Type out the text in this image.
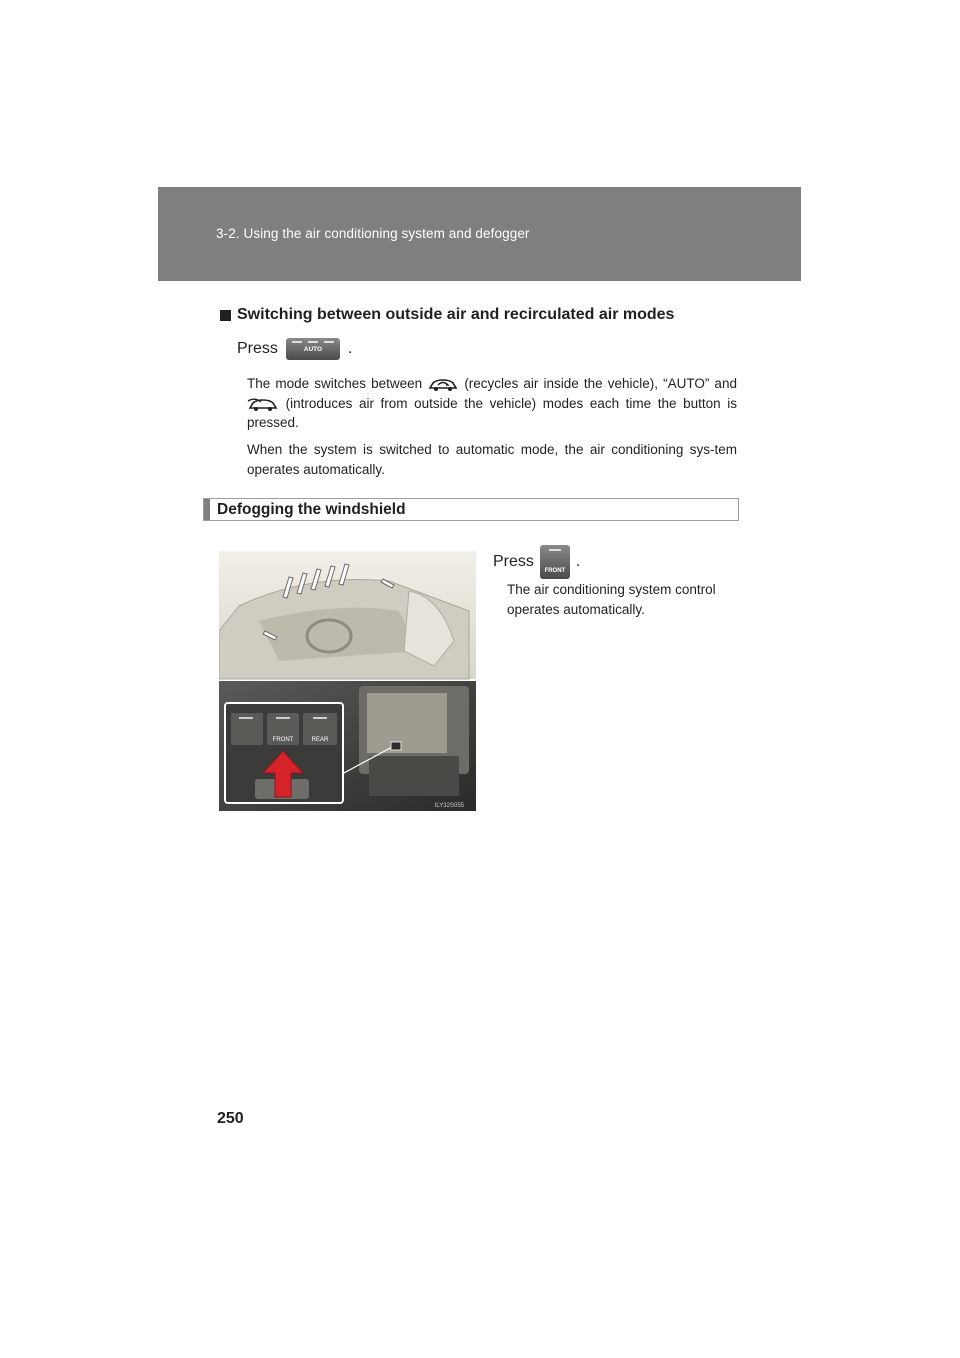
3-2. Using the air conditioning system and defogger
Switching between outside air and recirculated air modes
Press	AUTO	.
The mode switches between	(recycles air inside the vehicle), “AUTO” and  (introduces air from outside the vehicle) modes each time the button is pressed.
When the system is switched to automatic mode, the air conditioning sys-tem operates automatically.
Defogging the windshield
FRONT	REAR
ILY32S055
Press
FRONT
.
The air conditioning system control operates automatically.
250
